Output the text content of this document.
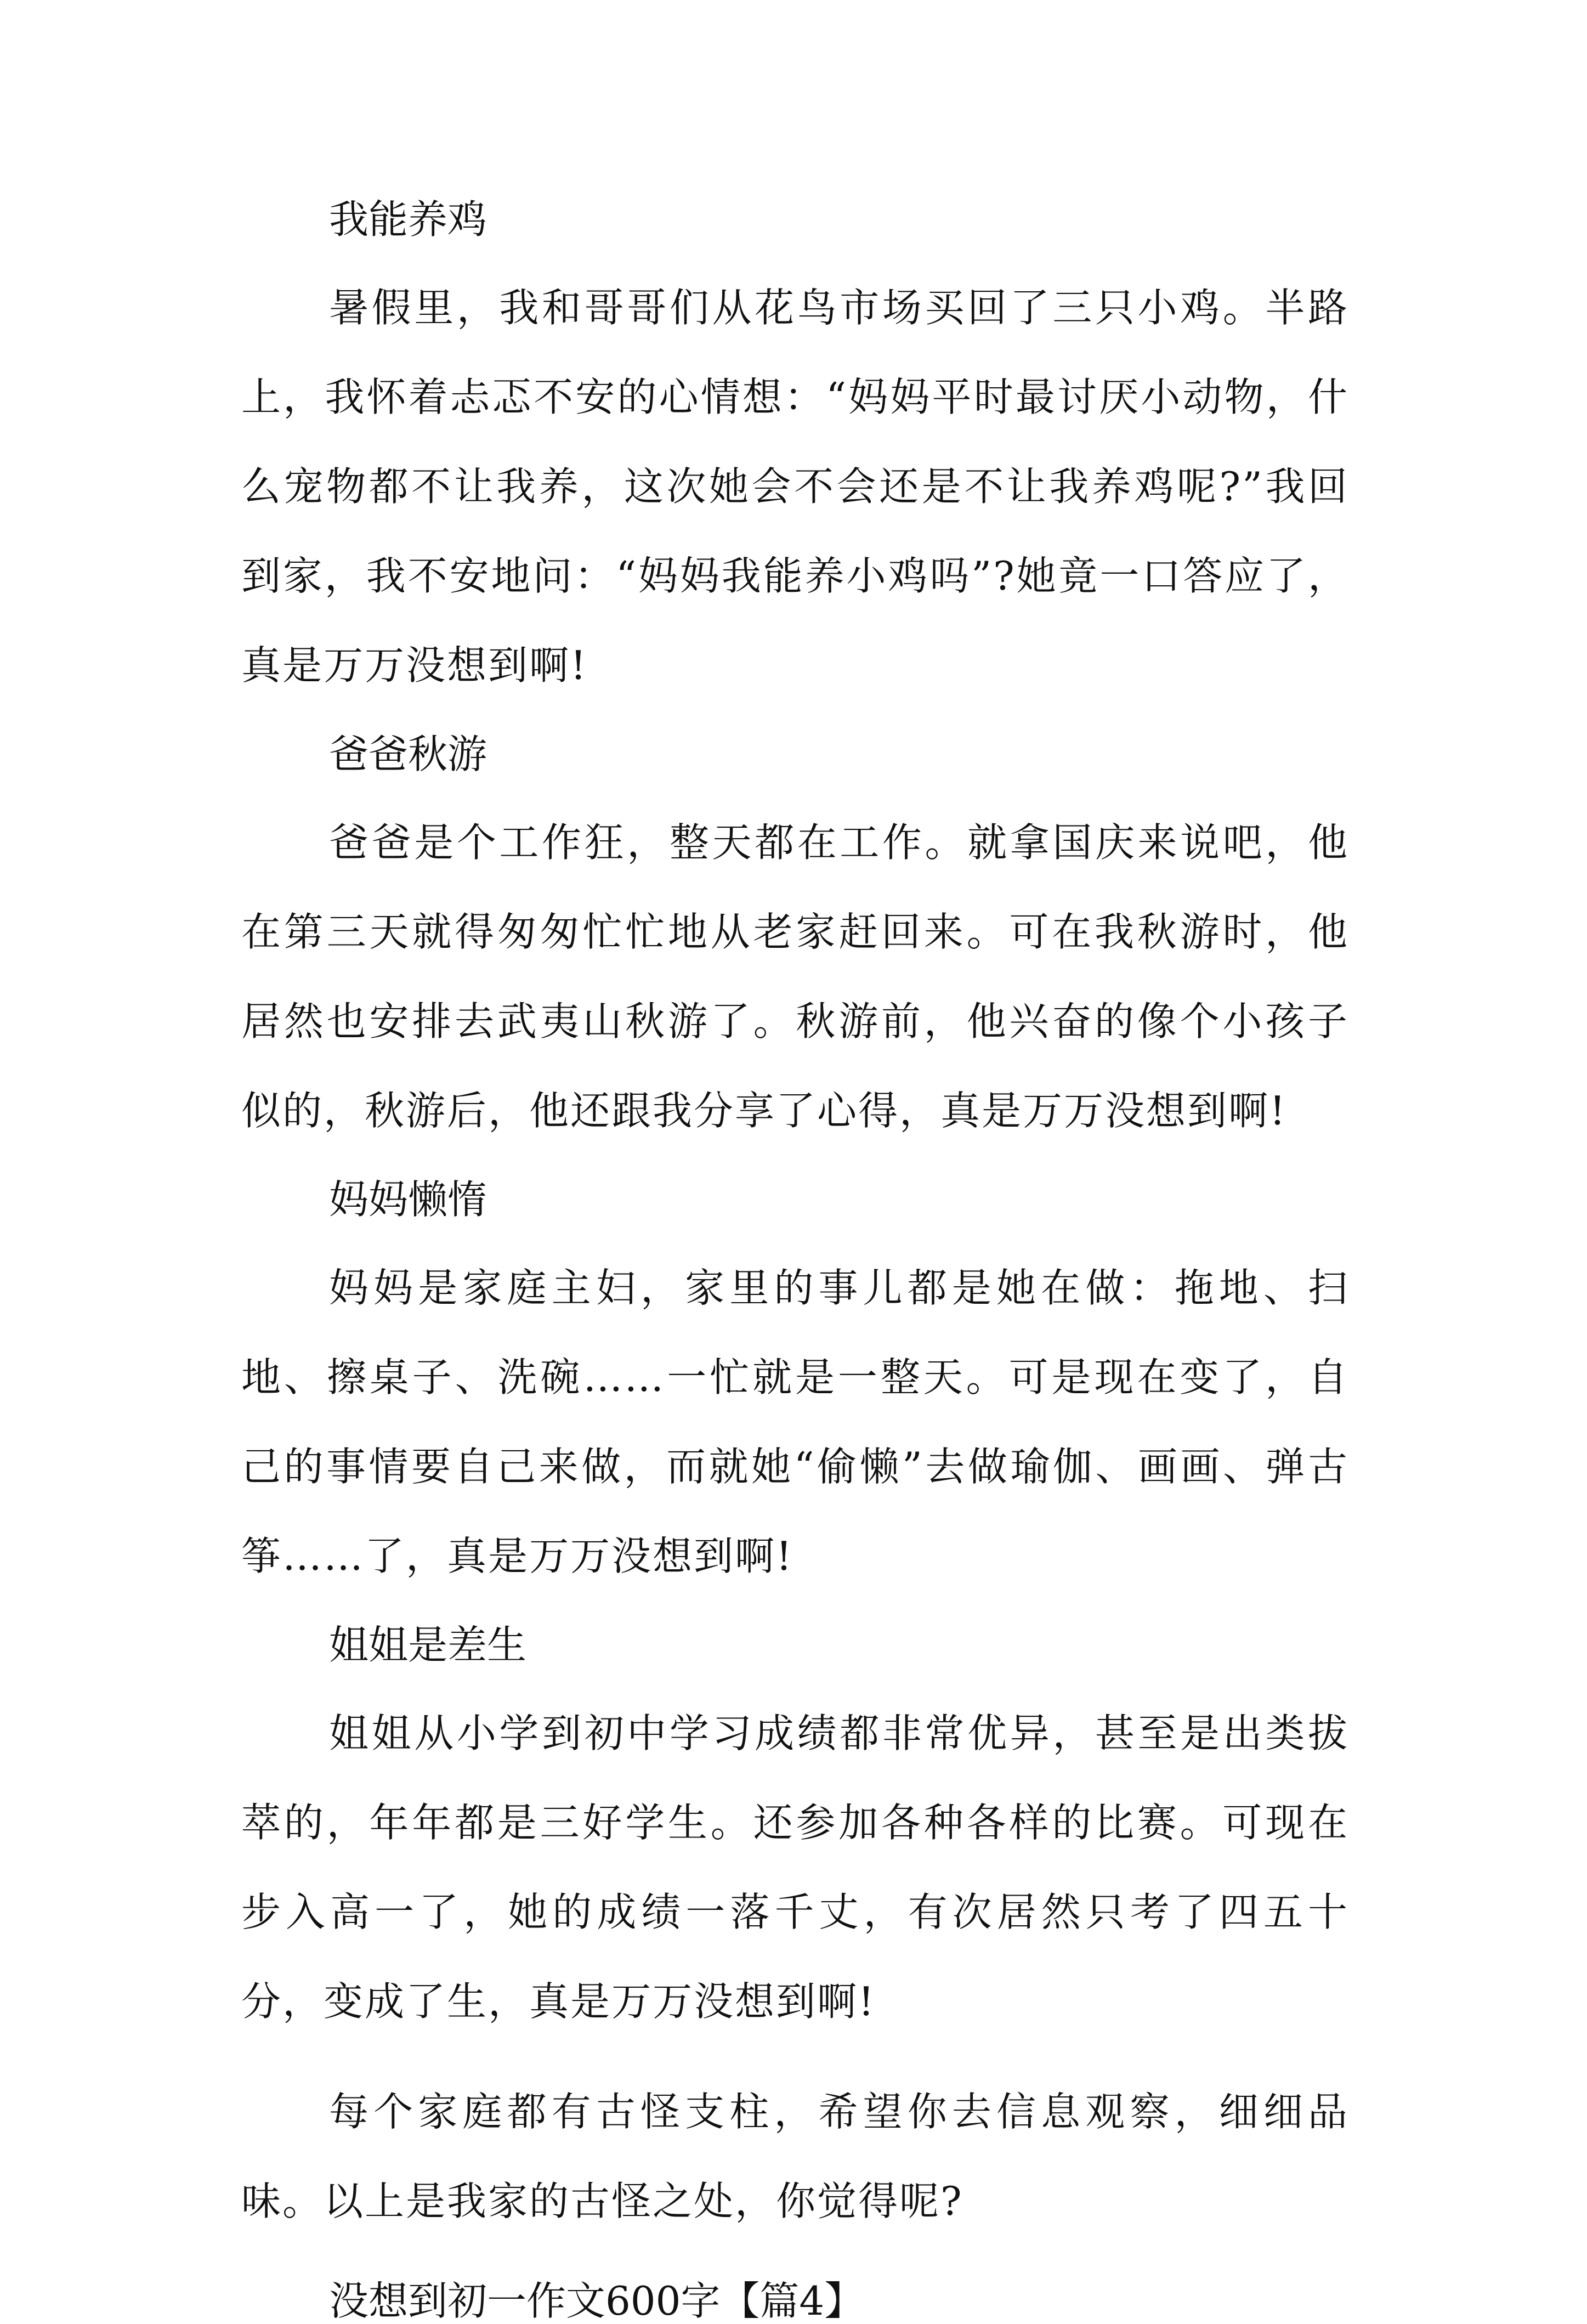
我能养鸡
暑假里，我和哥哥们从花鸟市场买回了三只小鸡。半路上，我怀着忐忑不安的心情想：“妈妈平时最讨厌小动物，什么宠物都不让我养，这次她会不会还是不让我养鸡呢?”我回到家，我不安地问：“妈妈我能养小鸡吗”?她竟一口答应了，真是万万没想到啊!
爸爸秋游
爸爸是个工作狂，整天都在工作。就拿国庆来说吧，他在第三天就得匆匆忙忙地从老家赶回来。可在我秋游时，他居然也安排去武夷山秋游了。秋游前，他兴奋的像个小孩子似的，秋游后，他还跟我分享了心得，真是万万没想到啊!
妈妈懒惰
妈妈是家庭主妇，家里的事儿都是她在做：拖地、扫地、擦桌子、洗碗……一忙就是一整天。可是现在变了，自己的事情要自己来做，而就她“偷懒”去做瑜伽、画画、弹古筝……了，真是万万没想到啊!
姐姐是差生
姐姐从小学到初中学习成绩都非常优异，甚至是出类拔萃的，年年都是三好学生。还参加各种各样的比赛。可现在步入高一了，她的成绩一落千丈，有次居然只考了四五十分，变成了生，真是万万没想到啊!
每个家庭都有古怪支柱，希望你去信息观察，细细品味。以上是我家的古怪之处，你觉得呢?
没想到初一作文600字【篇4】
